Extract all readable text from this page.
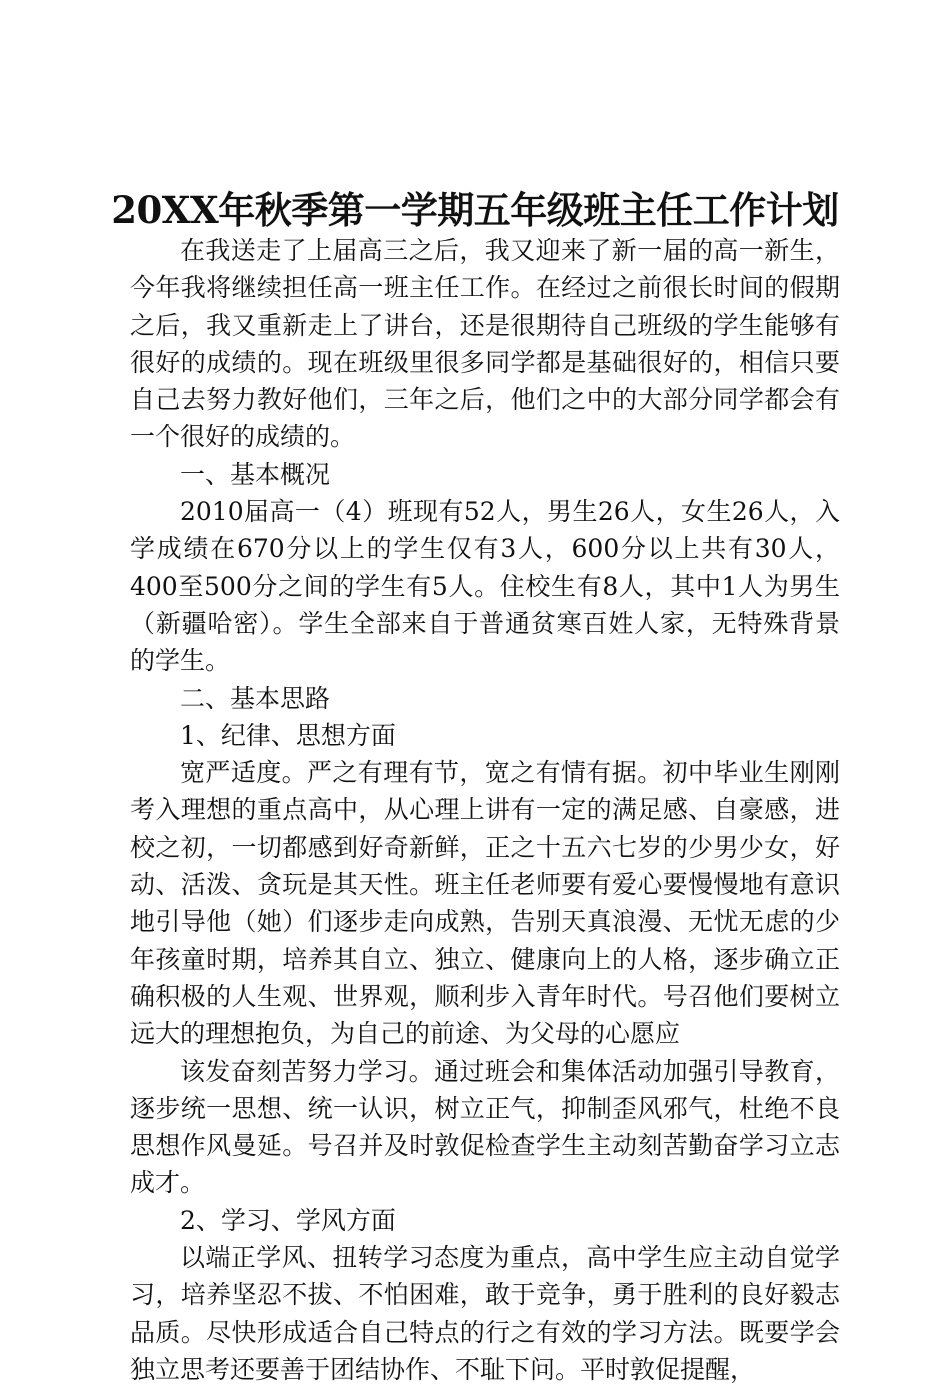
20XX年秋季第一学期五年级班主任工作计划

在我送走了上届高三之后，我又迎来了新一届的高一新生，今年我将继续担任高一班主任工作。在经过之前很长时间的假期之后，我又重新走上了讲台，还是很期待自己班级的学生能够有很好的成绩的。现在班级里很多同学都是基础很好的，相信只要自己去努力教好他们，三年之后，他们之中的大部分同学都会有一个很好的成绩的。

一、基本概况

2010届高一（4）班现有52人，男生26人，女生26人，入学成绩在670分以上的学生仅有3人，600分以上共有30人，400至500分之间的学生有5人。住校生有8人，其中1人为男生（新疆哈密）。学生全部来自于普通贫寒百姓人家，无特殊背景的学生。

二、基本思路

1、纪律、思想方面

宽严适度。严之有理有节，宽之有情有据。初中毕业生刚刚考入理想的重点高中，从心理上讲有一定的满足感、自豪感，进校之初，一切都感到好奇新鲜，正之十五六七岁的少男少女，好动、活泼、贪玩是其天性。班主任老师要有爱心要慢慢地有意识地引导他（她）们逐步走向成熟，告别天真浪漫、无忧无虑的少年孩童时期，培养其自立、独立、健康向上的人格，逐步确立正确积极的人生观、世界观，顺利步入青年时代。号召他们要树立远大的理想抱负，为自己的前途、为父母的心愿应

该发奋刻苦努力学习。通过班会和集体活动加强引导教育，逐步统一思想、统一认识，树立正气，抑制歪风邪气，杜绝不良思想作风曼延。号召并及时敦促检查学生主动刻苦勤奋学习立志成才。

2、学习、学风方面

以端正学风、扭转学习态度为重点，高中学生应主动自觉学习，培养坚忍不拔、不怕困难，敢于竞争，勇于胜利的良好毅志品质。尽快形成适合自己特点的行之有效的学习方法。既要学会独立思考还要善于团结协作、不耻下问。平时敦促提醒，
